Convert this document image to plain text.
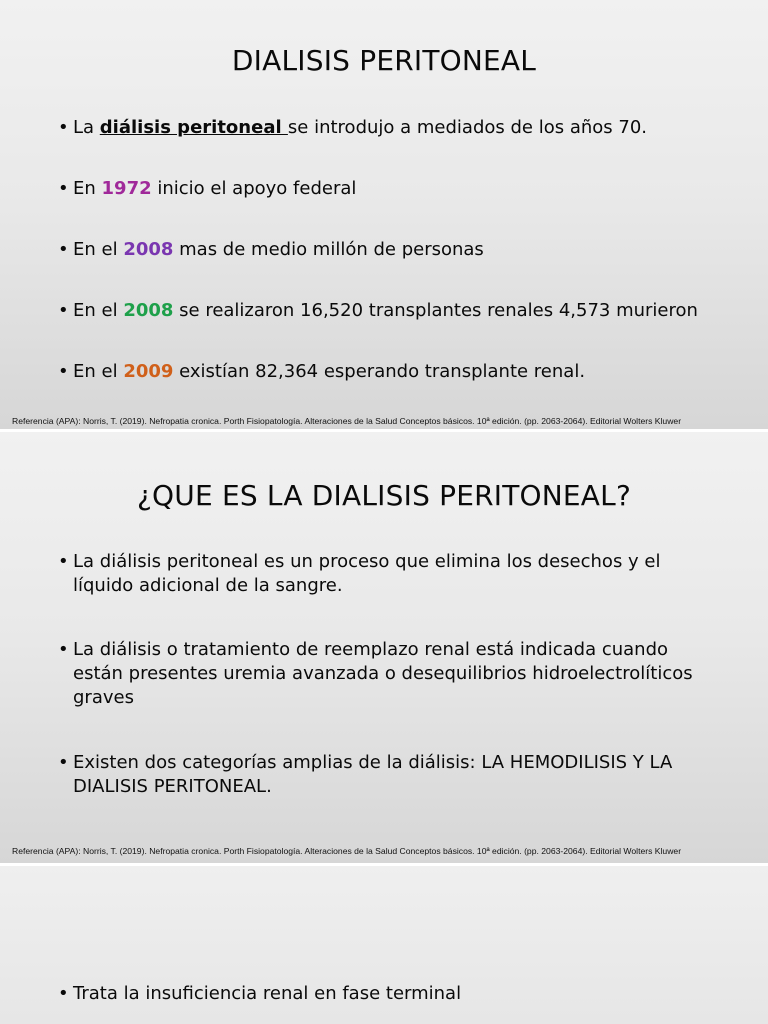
DIALISIS PERITONEAL
• La diálisis peritoneal se introdujo a mediados de los años 70.
• En 1972 inicio el apoyo federal
• En el 2008 mas de medio millón de personas
• En el 2008 se realizaron 16,520 transplantes renales 4,573 murieron
• En el 2009 existían 82,364 esperando transplante renal.
Referencia (APA): Norris, T. (2019). Nefropatia cronica. Porth Fisiopatología. Alteraciones de la Salud Conceptos básicos. 10ª edición. (pp. 2063-2064). Editorial Wolters Kluwer
¿QUE ES LA DIALISIS PERITONEAL?
• La diálisis peritoneal es un proceso que elimina los desechos y el líquido adicional de la sangre.
• La diálisis o tratamiento de reemplazo renal está indicada cuando están presentes uremia avanzada o desequilibrios hidroelectrolíticos graves
• Existen dos categorías amplias de la diálisis: LA HEMODILISIS Y LA DIALISIS PERITONEAL.
Referencia (APA): Norris, T. (2019). Nefropatia cronica. Porth Fisiopatología. Alteraciones de la Salud Conceptos básicos. 10ª edición. (pp. 2063-2064). Editorial Wolters Kluwer
• Trata la insuficiencia renal en fase terminal
